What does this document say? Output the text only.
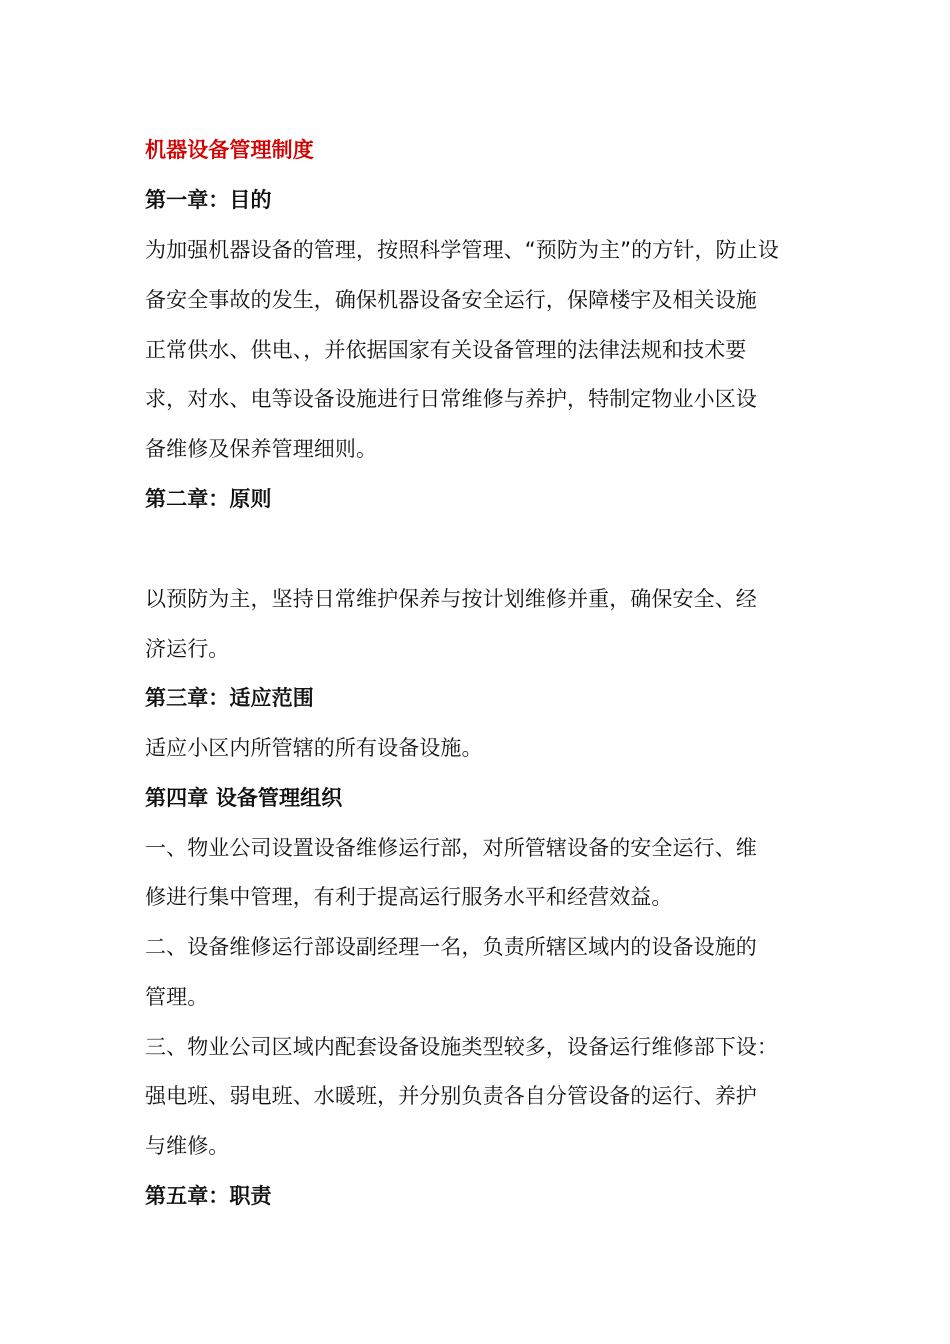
机器设备管理制度
第一章：目的
为加强机器设备的管理，按照科学管理、“预防为主”的方针，防止设
备安全事故的发生，确保机器设备安全运行，保障楼宇及相关设施
正常供水、供电、，并依据国家有关设备管理的法律法规和技术要
求，对水、电等设备设施进行日常维修与养护，特制定物业小区设
备维修及保养管理细则。
第二章：原则
以预防为主，坚持日常维护保养与按计划维修并重，确保安全、经
济运行。
第三章：适应范围
适应小区内所管辖的所有设备设施。
第四章 设备管理组织
一、物业公司设置设备维修运行部，对所管辖设备的安全运行、维
修进行集中管理，有利于提高运行服务水平和经营效益。
二、设备维修运行部设副经理一名，负责所辖区域内的设备设施的
管理。
三、物业公司区域内配套设备设施类型较多，设备运行维修部下设：
强电班、弱电班、水暖班，并分别负责各自分管设备的运行、养护
与维修。
第五章：职责
